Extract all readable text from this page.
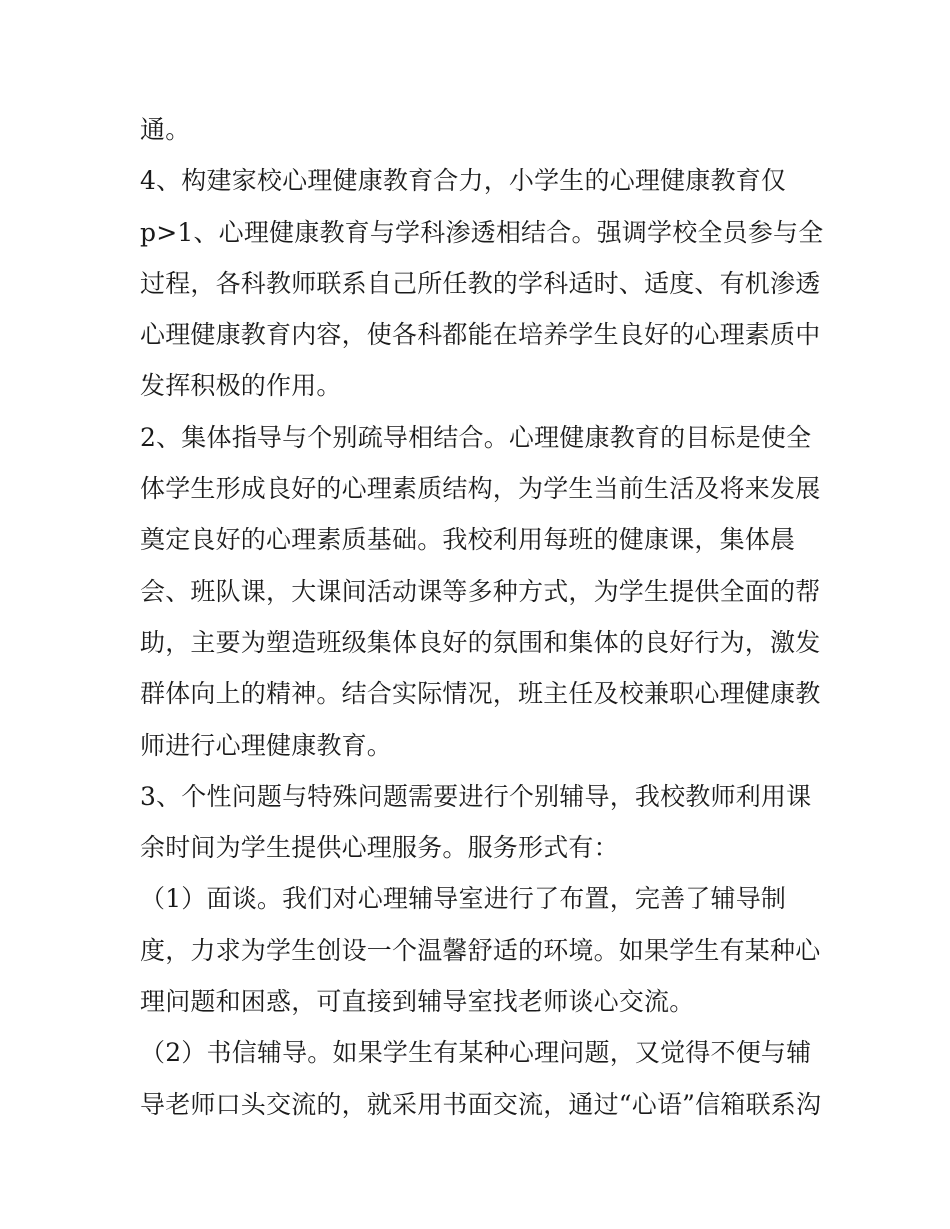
通。
4、构建家校心理健康教育合力，小学生的心理健康教育仅
p>1、心理健康教育与学科渗透相结合。强调学校全员参与全
过程，各科教师联系自己所任教的学科适时、适度、有机渗透
心理健康教育内容，使各科都能在培养学生良好的心理素质中
发挥积极的作用。
2、集体指导与个别疏导相结合。心理健康教育的目标是使全
体学生形成良好的心理素质结构，为学生当前生活及将来发展
奠定良好的心理素质基础。我校利用每班的健康课，集体晨
会、班队课，大课间活动课等多种方式，为学生提供全面的帮
助，主要为塑造班级集体良好的氛围和集体的良好行为，激发
群体向上的精神。结合实际情况，班主任及校兼职心理健康教
师进行心理健康教育。
3、个性问题与特殊问题需要进行个别辅导，我校教师利用课
余时间为学生提供心理服务。服务形式有：
（1）面谈。我们对心理辅导室进行了布置，完善了辅导制
度，力求为学生创设一个温馨舒适的环境。如果学生有某种心
理问题和困惑，可直接到辅导室找老师谈心交流。
（2）书信辅导。如果学生有某种心理问题，又觉得不便与辅
导老师口头交流的，就采用书面交流，通过“心语”信箱联系沟
